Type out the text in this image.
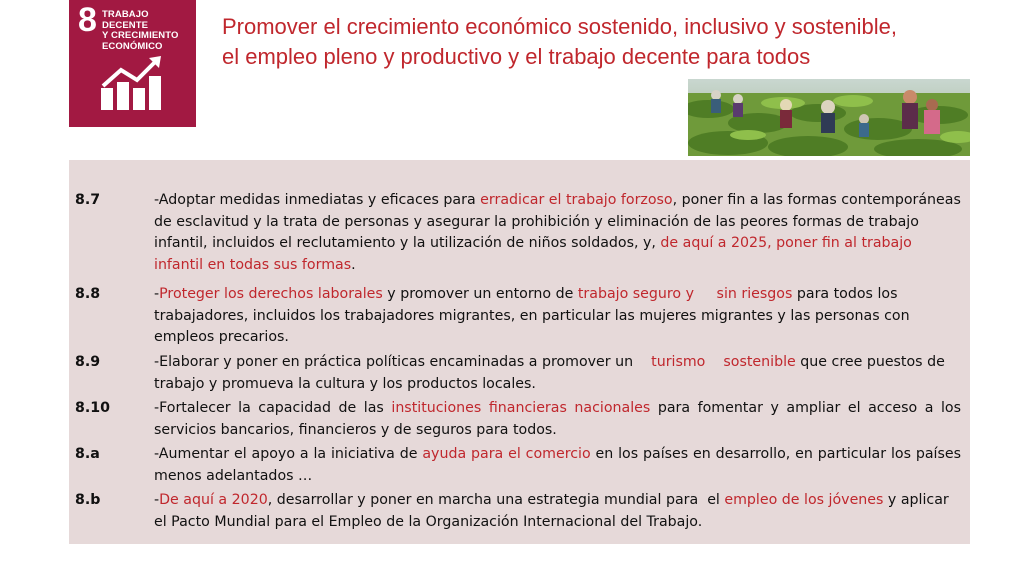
8 TRABAJO DECENTE
Y CRECIMIENTO
ECONÓMICO
Promover el crecimiento económico sostenido, inclusivo y sostenible,
el empleo pleno y productivo y el trabajo decente para todos
8.7	-Adoptar medidas inmediatas y eficaces para erradicar el trabajo forzoso, poner fin a las formas contemporáneas de esclavitud y la trata de personas y asegurar la prohibición y eliminación de las peores formas de trabajo infantil, incluidos el reclutamiento y la utilización de niños soldados, y, de aquí a 2025, poner fin al trabajo infantil en todas sus formas.
8.8	-Proteger los derechos laborales y promover un entorno de trabajo seguro y     sin riesgos para todos los trabajadores, incluidos los trabajadores migrantes, en particular las mujeres migrantes y las personas con empleos precarios.
8.9	-Elaborar y poner en práctica políticas encaminadas a promover un    turismo    sostenible que cree puestos de trabajo y promueva la cultura y los productos locales.
8.10	-Fortalecer la capacidad de las instituciones financieras nacionales para fomentar y ampliar el acceso a los servicios bancarios, financieros y de seguros para todos.
8.a	-Aumentar el apoyo a la iniciativa de ayuda para el comercio en los países en desarrollo, en particular los países menos adelantados …
8.b	-De aquí a 2020, desarrollar y poner en marcha una estrategia mundial para  el empleo de los jóvenes y aplicar el Pacto Mundial para el Empleo de la Organización Internacional del Trabajo.
